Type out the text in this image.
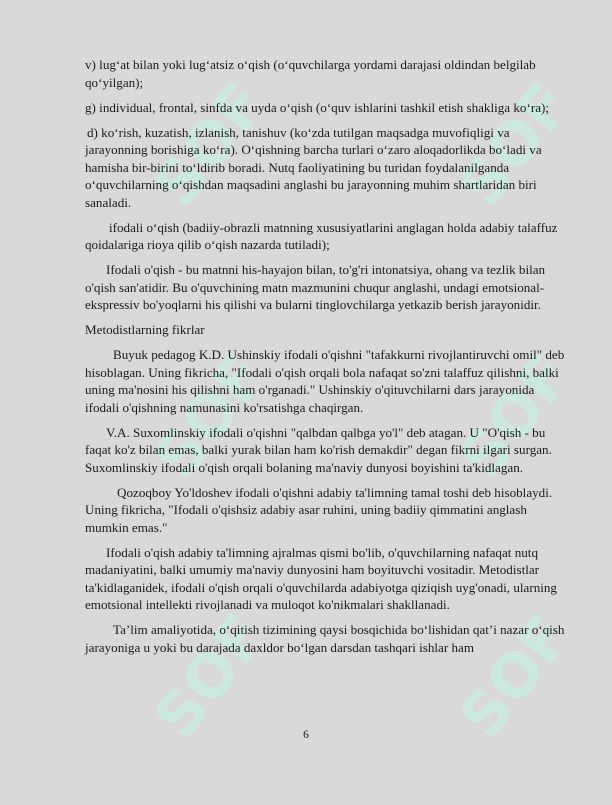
SOF	SOF
SOF	SOF
SOF	SOF

v) lug‘at bilan yoki lug‘atsiz o‘qish (o‘quvchilarga yordami darajasi oldindan belgilab qo‘yilgan);

g) individual, frontal, sinfda va uyda o‘qish (o‘quv ishlarini tashkil etish shakliga ko‘ra);

d) ko‘rish, kuzatish, izlanish, tanishuv (ko‘zda tutilgan maqsadga muvofiqligi va jarayonning borishiga ko‘ra). O‘qishning barcha turlari o‘zaro aloqadorlikda bo‘ladi va hamisha bir-birini to‘ldirib boradi. Nutq faoliyatining bu turidan foydalanilganda o‘quvchilarning o‘qishdan maqsadini anglashi bu jarayonning muhim shartlaridan biri sanaladi.

ifodali o‘qish (badiiy-obrazli matnning xususiyatlarini anglagan holda adabiy talaffuz qoidalariga rioya qilib o‘qish nazarda tutiladi);

Ifodali o'qish - bu matnni his-hayajon bilan, to'g'ri intonatsiya, ohang va tezlik bilan o'qish san'atidir. Bu o'quvchining matn mazmunini chuqur anglashi, undagi emotsional-ekspressiv bo'yoqlarni his qilishi va bularni tinglovchilarga yetkazib berish jarayonidir.

Metodistlarning fikrlar

Buyuk pedagog K.D. Ushinskiy ifodali o'qishni "tafakkurni rivojlantiruvchi omil" deb hisoblagan. Uning fikricha, "Ifodali o'qish orqali bola nafaqat so'zni talaffuz qilishni, balki uning ma'nosini his qilishni ham o'rganadi." Ushinskiy o'qituvchilarni dars jarayonida ifodali o'qishning namunasini ko'rsatishga chaqirgan.

V.A. Suxomlinskiy ifodali o'qishni "qalbdan qalbga yo'l" deb atagan. U "O'qish - bu faqat ko'z bilan emas, balki yurak bilan ham ko'rish demakdir" degan fikrni ilgari surgan. Suxomlinskiy ifodali o'qish orqali bolaning ma'naviy dunyosi boyishini ta'kidlagan.

Qozoqboy Yo'ldoshev ifodali o'qishni adabiy ta'limning tamal toshi deb hisoblaydi. Uning fikricha, "Ifodali o'qishsiz adabiy asar ruhini, uning badiiy qimmatini anglash mumkin emas."

Ifodali o'qish adabiy ta'limning ajralmas qismi bo'lib, o'quvchilarning nafaqat nutq madaniyatini, balki umumiy ma'naviy dunyosini ham boyituvchi vositadir. Metodistlar ta'kidlaganidek, ifodali o'qish orqali o'quvchilarda adabiyotga qiziqish uyg'onadi, ularning emotsional intellekti rivojlanadi va muloqot ko'nikmalari shakllanadi.

Ta’lim amaliyotida, o‘qitish tizimining qaysi bosqichida bo‘lishidan qat’i nazar o‘qish jarayoniga u yoki bu darajada daxldor bo‘lgan darsdan tashqari ishlar ham

6
